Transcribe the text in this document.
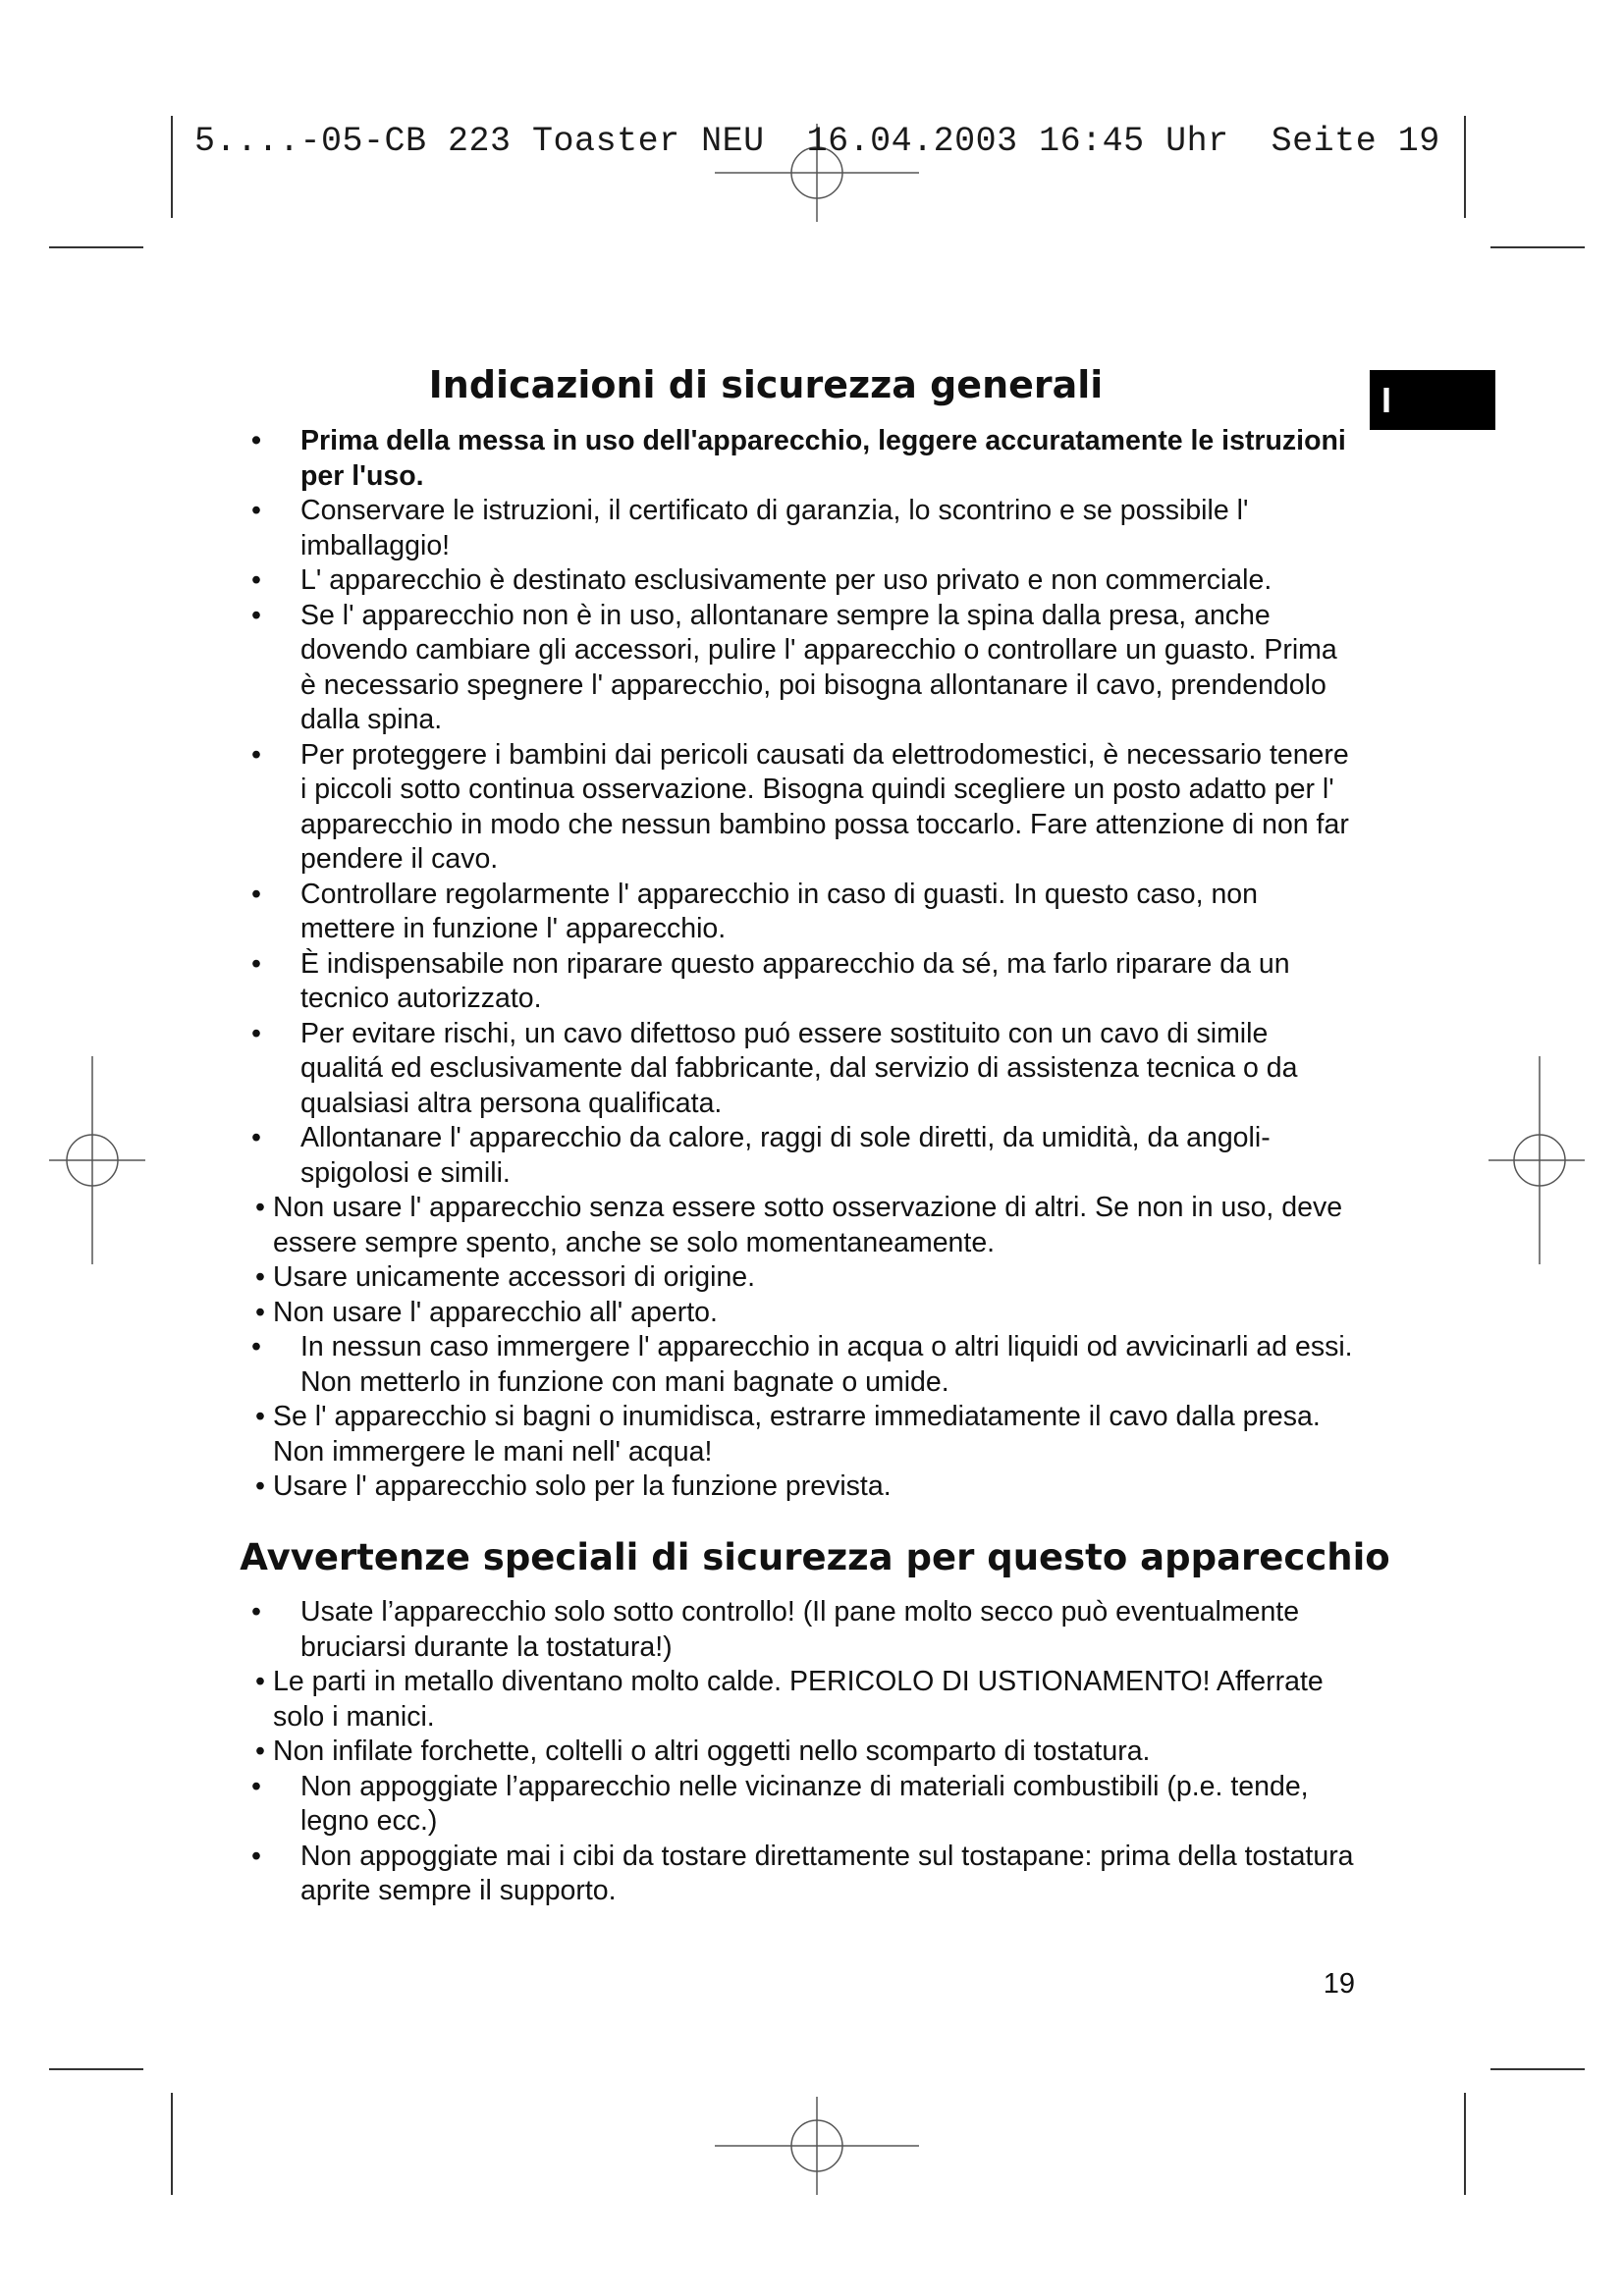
5....-05-CB 223 Toaster NEU  16.04.2003 16:45 Uhr  Seite 19
I
Indicazioni di sicurezza generali
• Prima della messa in uso dell'apparecchio, leggere accuratamente le istruzioni per l'uso.
• Conservare le istruzioni, il certificato di garanzia, lo scontrino e se possibile l' imballaggio!
• L' apparecchio è destinato esclusivamente per uso privato e non commerciale.
• Se l' apparecchio non è in uso, allontanare sempre la spina dalla presa, anche dovendo cambiare gli accessori, pulire l' apparecchio o controllare un guasto. Prima è necessario spegnere l' apparecchio, poi bisogna allontanare il cavo, prendendolo dalla spina.
• Per proteggere i bambini dai pericoli causati da elettrodomestici, è necessario tenere i piccoli sotto continua osservazione. Bisogna quindi scegliere un posto adatto per l' apparecchio in modo che nessun bambino possa toccarlo. Fare attenzione di non far pendere il cavo.
• Controllare regolarmente l' apparecchio in caso di guasti. In questo caso, non mettere in funzione l' apparecchio.
• È indispensabile non riparare questo apparecchio da sé, ma farlo riparare da un tecnico autorizzato.
• Per evitare rischi, un cavo difettoso puó essere sostituito con un cavo di simile qualitá ed esclusivamente dal fabbricante, dal servizio di assistenza tecnica o da qualsiasi altra persona qualificata.
• Allontanare l' apparecchio da calore, raggi di sole diretti, da umidità, da angoli-spigolosi e simili.
• Non usare l' apparecchio senza essere sotto osservazione di altri. Se non in uso, deve essere sempre spento, anche se solo momentaneamente.
• Usare unicamente accessori di origine.
• Non usare l' apparecchio all' aperto.
• In nessun caso immergere l' apparecchio in acqua o altri liquidi od avvicinarli ad essi. Non metterlo in funzione con mani bagnate o umide.
• Se l' apparecchio si bagni o inumidisca, estrarre immediatamente il cavo dalla presa. Non immergere le mani nell' acqua!
• Usare l' apparecchio solo per la funzione prevista.
Avvertenze speciali di sicurezza per questo apparecchio
• Usate l’apparecchio solo sotto controllo! (Il pane molto secco può eventualmente bruciarsi durante la tostatura!)
• Le parti in metallo diventano molto calde. PERICOLO DI USTIONAMENTO! Afferrate solo i manici.
• Non infilate forchette, coltelli o altri oggetti nello scomparto di tostatura.
• Non appoggiate l’apparecchio nelle vicinanze di materiali combustibili (p.e. tende, legno ecc.)
• Non appoggiate mai i cibi da tostare direttamente sul tostapane: prima della tostatura aprite sempre il supporto.
19
